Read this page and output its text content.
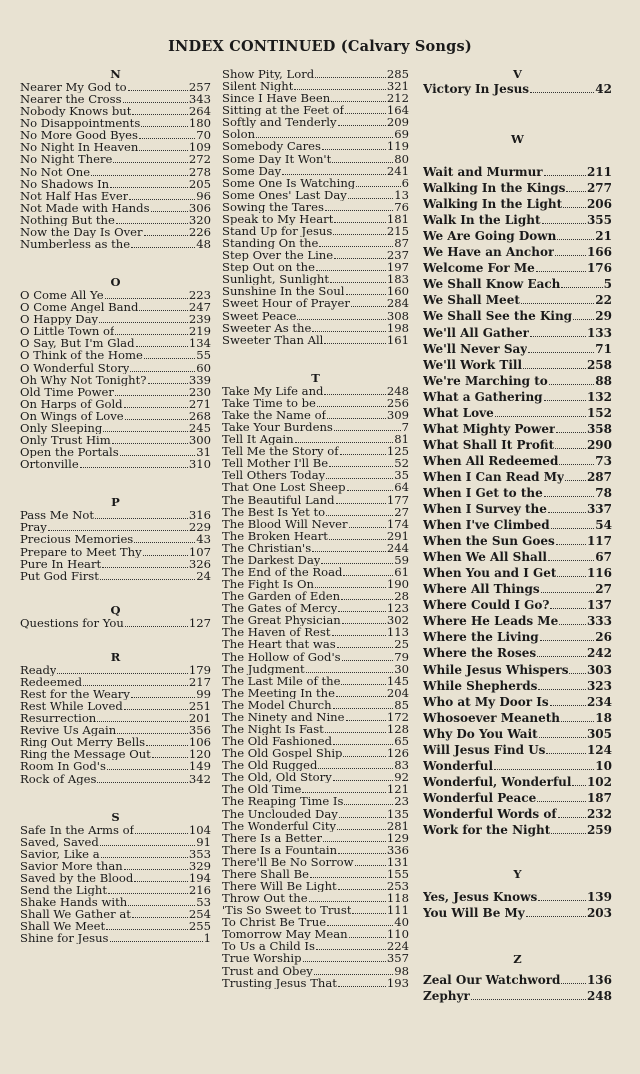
INDEX CONTINUED (Calvary Songs)
N
Nearer My God to	257
Nearer the Cross	343
Nobody Knows but	264
No Disappointments	180
No More Good Byes	70
No Night In Heaven	109
No Night There	272
No Not One	278
No Shadows In	205
Not Half Has Ever	96
Not Made with Hands	306
Nothing But the	320
Now the Day Is Over	226
Numberless as the	48
O
O Come All Ye	223
O Come Angel Band	247
O Happy Day	239
O Little Town of	219
O Say, But I'm Glad	134
O Think of the Home	55
O Wonderful Story	60
Oh Why Not Tonight?	339
Old Time Power	230
On Harps of Gold	271
On Wings of Love	268
Only Sleeping	245
Only Trust Him	300
Open the Portals	31
Ortonville	310
P
Pass Me Not	316
Pray	229
Precious Memories	43
Prepare to Meet Thy	107
Pure In Heart	326
Put God First	24
Q
Questions for You	127
R
Ready	179
Redeemed	217
Rest for the Weary	99
Rest While Loved	251
Resurrection	201
Revive Us Again	356
Ring Out Merry Bells	106
Ring the Message Out	120
Room In God's	149
Rock of Ages	342
S
Safe In the Arms of	104
Saved, Saved	91
Savior, Like a	353
Savior More than	329
Saved by the Blood	194
Send the Light	216
Shake Hands with	53
Shall We Gather at	254
Shall We Meet	255
Shine for Jesus	1
Show Pity, Lord	285
Silent Night	321
Since I Have Been	212
Sitting at the Feet of	164
Softly and Tenderly	209
Solon	69
Somebody Cares	119
Some Day It Won't	80
Some Day	241
Some One Is Watching	6
Some Ones' Last Day	13
Sowing the Tares	76
Speak to My Heart	181
Stand Up for Jesus	215
Standing On the	87
Step Over the Line	237
Step Out on the	197
Sunlight, Sunlight	183
Sunshine In the Soul	160
Sweet Hour of Prayer	284
Sweet Peace	308
Sweeter As the	198
Sweeter Than All	161
T
Take My Life and	248
Take Time to be	256
Take the Name of	309
Take Your Burdens	7
Tell It Again	81
Tell Me the Story of	125
Tell Mother I'll Be	52
Tell Others Today	35
That One Lost Sheep	64
The Beautiful Land	177
The Best Is Yet to	27
The Blood Will Never	174
The Broken Heart	291
The Christian's	244
The Darkest Day	59
The End of the Road	61
The Fight Is On	190
The Garden of Eden	28
The Gates of Mercy	123
The Great Physician	302
The Haven of Rest	113
The Heart that was	25
The Hollow of God's	79
The Judgment	30
The Last Mile of the	145
The Meeting In the	204
The Model Church	85
The Ninety and Nine	172
The Night Is Fast	128
The Old Fashioned	65
The Old Gospel Ship	126
The Old Rugged	83
The Old, Old Story	92
The Old Time	121
The Reaping Time Is	23
The Unclouded Day	135
The Wonderful City	281
There Is a Better	129
There Is a Fountain	336
There'll Be No Sorrow	131
There Shall Be	155
There Will Be Light	253
Throw Out the	118
'Tis So Sweet to Trust	111
To Christ Be True	40
Tomorrow May Mean	110
To Us a Child Is	224
True Worship	357
Trust and Obey	98
Trusting Jesus That	193
V
Victory In Jesus	42
W
Wait and Murmur	211
Walking In the Kings 277
Walking In the Light 206
Walk In the Light	355
We Are Going Down	21
We Have an Anchor	166
Welcome For Me	176
We Shall Know Each	5
We Shall Meet	22
We Shall See the King 29
We'll All Gather	133
We'll Never Say	71
We'll Work Till	258
We're Marching to	88
What a Gathering	132
What Love	152
What Mighty Power	358
What Shall It Profit	290
When All Redeemed	73
When I Can Read My 287
When I Get to the	78
When I Survey the	337
When I've Climbed	54
When the Sun Goes	117
When We All Shall	67
When You and I Get	116
Where All Things	27
Where Could I Go?	137
Where He Leads Me 333
Where the Living	26
Where the Roses	242
While Jesus Whispers 303
While Shepherds	323
Who at My Door Is	234
Whosoever Meaneth	18
Why Do You Wait	305
Will Jesus Find Us	124
Wonderful	10
Wonderful, Wonderful 102
Wonderful Peace	187
Wonderful Words of	232
Work for the Night	259
Y
Yes, Jesus Knows	139
You Will Be My	203
Z
Zeal Our Watchword 136
Zephyr	248
